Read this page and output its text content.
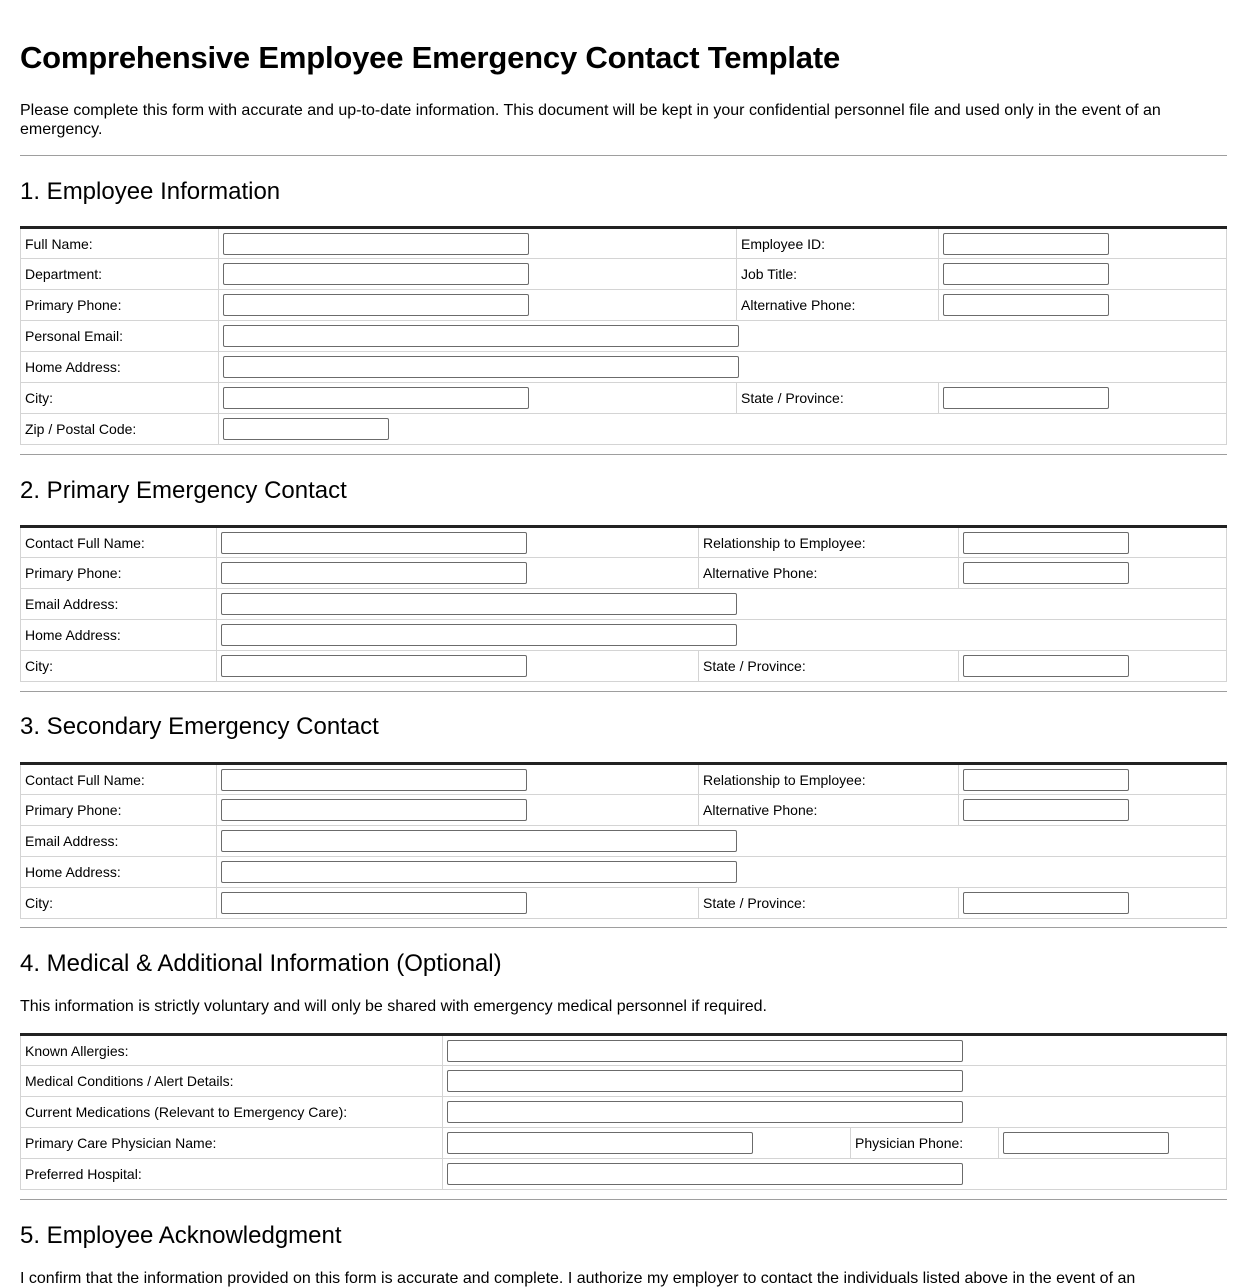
Comprehensive Employee Emergency Contact Template

Please complete this form with accurate and up-to-date information. This document will be kept in your confidential personnel file and used only in the event of an emergency.

1. Employee Information
Full Name:		Employee ID:	
Department:		Job Title:	
Primary Phone:		Alternative Phone:	
Personal Email:			
Home Address:			
City:		State / Province:	
Zip / Postal Code:			
2. Primary Emergency Contact
Contact Full Name:		Relationship to Employee:	
Primary Phone:		Alternative Phone:	
Email Address:			
Home Address:			
City:		State / Province:	
3. Secondary Emergency Contact
Contact Full Name:		Relationship to Employee:	
Primary Phone:		Alternative Phone:	
Email Address:			
Home Address:			
City:		State / Province:	
4. Medical & Additional Information (Optional)

This information is strictly voluntary and will only be shared with emergency medical personnel if required.

Known Allergies:			
Medical Conditions / Alert Details:			
Current Medications (Relevant to Emergency Care):			
Primary Care Physician Name:		Physician Phone:	
Preferred Hospital:			
5. Employee Acknowledgment

I confirm that the information provided on this form is accurate and complete. I authorize my employer to contact the individuals listed above in the event of an
